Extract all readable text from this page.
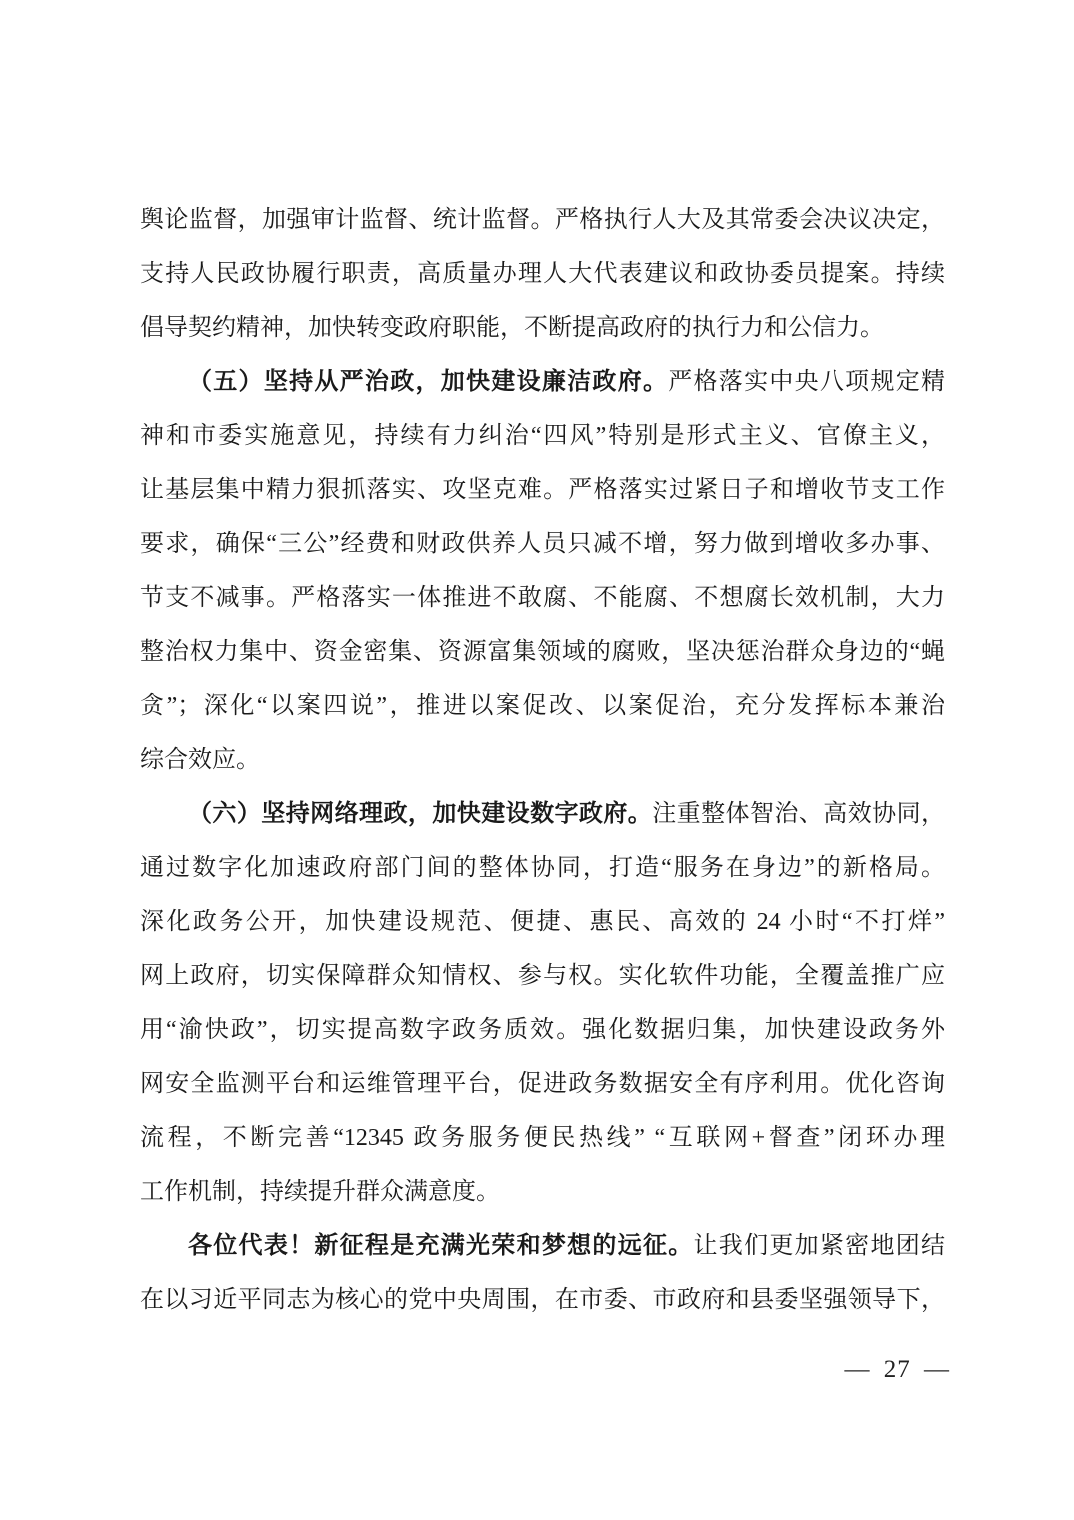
舆论监督，加强审计监督、统计监督。严格执行人大及其常委会决议决定，
支持人民政协履行职责，高质量办理人大代表建议和政协委员提案。持续
倡导契约精神，加快转变政府职能，不断提高政府的执行力和公信力。
（五）坚持从严治政，加快建设廉洁政府。严格落实中央八项规定精
神和市委实施意见，持续有力纠治“四风”特别是形式主义、官僚主义，
让基层集中精力狠抓落实、攻坚克难。严格落实过紧日子和增收节支工作
要求，确保“三公”经费和财政供养人员只减不增，努力做到增收多办事、
节支不减事。严格落实一体推进不敢腐、不能腐、不想腐长效机制，大力
整治权力集中、资金密集、资源富集领域的腐败，坚决惩治群众身边的“蝇
贪”；深化“以案四说”，推进以案促改、以案促治，充分发挥标本兼治
综合效应。
（六）坚持网络理政，加快建设数字政府。注重整体智治、高效协同，
通过数字化加速政府部门间的整体协同，打造“服务在身边”的新格局。
深化政务公开，加快建设规范、便捷、惠民、高效的 24 小时“不打烊”
网上政府，切实保障群众知情权、参与权。实化软件功能，全覆盖推广应
用“渝快政”，切实提高数字政务质效。强化数据归集，加快建设政务外
网安全监测平台和运维管理平台，促进政务数据安全有序利用。优化咨询
流程，不断完善“12345 政务服务便民热线” “互联网+督查”闭环办理
工作机制，持续提升群众满意度。
各位代表！新征程是充满光荣和梦想的远征。让我们更加紧密地团结
在以习近平同志为核心的党中央周围，在市委、市政府和县委坚强领导下，
— 27 —
